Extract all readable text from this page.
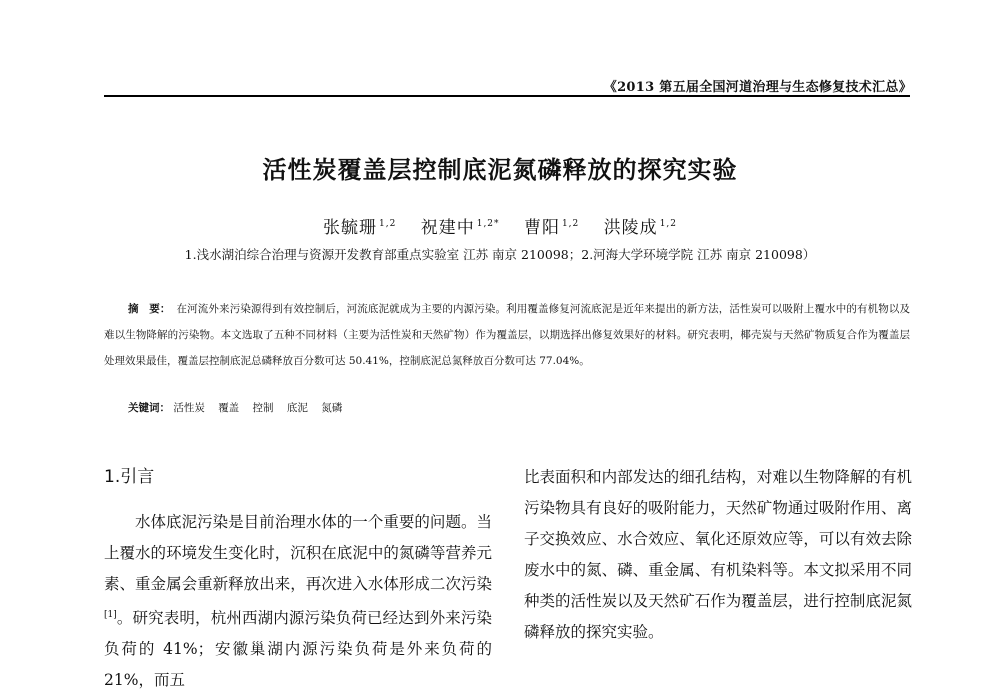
《2013 第五届全国河道治理与生态修复技术汇总》
活性炭覆盖层控制底泥氮磷释放的探究实验
张毓珊 $^{1,2}$ 祝建中 $^{1,2*}$ 曹阳 $^{1,2}$ 洪陵成 $^{1,2}$
1.浅水湖泊综合治理与资源开发教育部重点实验室 江苏 南京 210098；2.河海大学环境学院 江苏 南京 210098）
摘　要： 在河流外来污染源得到有效控制后，河流底泥就成为主要的内源污染。利用覆盖修复河流底泥是近年来提出的新方法，活性炭可以吸附上覆水中的有机物以及难以生物降解的污染物。本文选取了五种不同材料（主要为活性炭和天然矿物）作为覆盖层，以期选择出修复效果好的材料。研究表明，椰壳炭与天然矿物质复合作为覆盖层处理效果最佳，覆盖层控制底泥总磷释放百分数可达 50.41%，控制底泥总氮释放百分数可达 77.04%。
关键词： 活性炭 覆盖 控制 底泥 氮磷
1.引言

水体底泥污染是目前治理水体的一个重要的问题。当上覆水的环境发生变化时，沉积在底泥中的氮磷等营养元素、重金属会重新释放出来，再次进入水体形成二次污染[1]。研究表明，杭州西湖内源污染负荷已经达到外来污染负荷的 41%；安徽巢湖内源污染负荷是外来负荷的 21%，而五

比表面积和内部发达的细孔结构，对难以生物降解的有机污染物具有良好的吸附能力，天然矿物通过吸附作用、离子交换效应、水合效应、氧化还原效应等，可以有效去除废水中的氮、磷、重金属、有机染料等。本文拟采用不同种类的活性炭以及天然矿石作为覆盖层，进行控制底泥氮磷释放的探究实验。
